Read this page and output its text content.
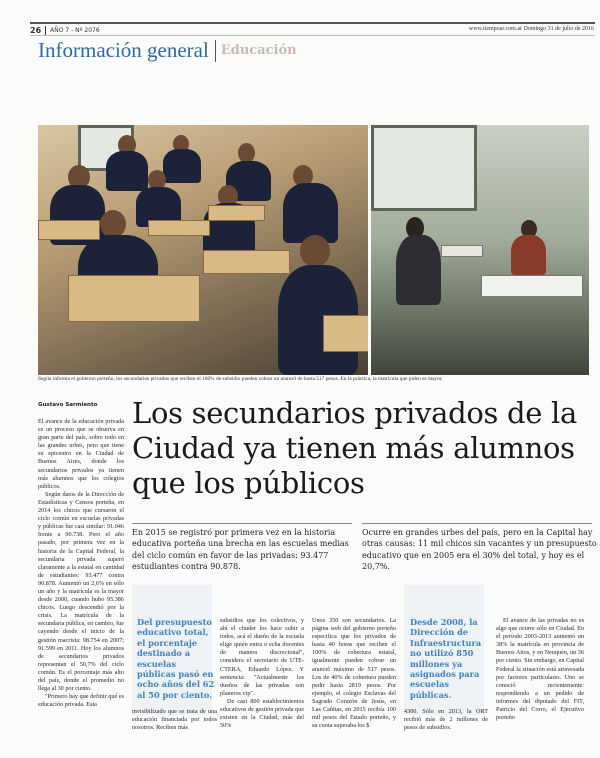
26	AÑO 7 - Nº 2076	www.tiempoar.com.ar Domingo 31 de julio de 2016
Información general Educación
Según informa el gobierno porteño, los secundarios privados que reciben el 100% de subsidio pueden cobrar un arancel de hasta 517 pesos. En la práctica, la matrícula que piden es mayor.
Gustavo Sarmiento Los secundarios privados de la Ciudad ya tienen más alumnos que los públicos

El avance de la educación privada es un proceso que se observa en gran parte del país, sobre todo en las grandes urbes, pero que tiene su epicentro en la Ciudad de Buenos Aires, donde los secundarios privados ya tienen más alumnos que los colegios públicos.

Según datos de la Dirección de Estadísticas y Censos porteña, en 2014 los chicos que cursaron el ciclo común en escuelas privadas y públicas fue casi similar: 91.046 frente a 90.738. Pero el año pasado, por primera vez en la historia de la Capital Federal, la secundaria privada superó claramente a la estatal en cantidad de estudiantes: 93.477 contra 90.878. Aumentó un 2,6% en sólo un año y la matrícula es la mayor desde 2000, cuando hubo 95.386 chicos. Luego descendió por la crisis. La matrícula de la secundaria pública, en cambio, fue cayendo desde el inicio de la gestión macrista: 98.754 en 2007; 91.599 en 2011. Hoy los alumnos de secundarios privados representan el 50,7% del ciclo común. Es el porcentaje más alto del país, donde el promedio no llega al 30 por ciento.

"Primero hay que definir qué es educación privada. Esta

En 2015 se registró por primera vez en la historia educativa porteña una brecha en las escuelas medias del ciclo común en favor de las privadas: 93.477 estudiantes contra 90.878.
Ocurre en grandes urbes del país, pero en la Capital hay otras causas: 11 mil chicos sin vacantes y un presupuesto educativo que en 2005 era el 30% del total, y hoy es el 20,7%.
Del presupuesto educativo total, el porcentaje destinado a escuelas públicas pasó en ocho años del 62 al 50 por ciento.

invisibilizado que se trata de una educación financiada por todos nosotros. Reciben más

subsidios que los colectivos, y ahí el chuder los hace subir a todos, acá el dueño de la escuela elige quién entra o echa docentes de manera discrecional", considera el secretario de UTE-CTERA, Eduardo López. Y sentencia: "Actualmente los dueños de las privadas son planeros vip".

De casi 800 establecimientos educativos de gestión privada que existen en la Ciudad, más del 50%

Unos 350 son secundarios. La página web del gobierno porteño especifica que los privados de hasta 40 horas que reciben el 100% de cobertura estatal, igualmente pueden cobrar un arancel máximo de 517 pesos. Los de 40% de cobertura pueden pedir hasta 2819 pesos. Por ejemplo, el colegio Esclavas del Sagrado Corazón de Jesús, en Las Cañitas, en 2015 recibía 100 mil pesos del Estado porteño, y su cuota superaba los $

Desde 2008, la Dirección de Infraestructura no utilizó 850 millones ya asignados para escuelas públicas.

4300. Sólo en 2013, la ORT recibió más de 2 millones de pesos de subsidios.

El avance de las privadas no es algo que ocurre sólo en Ciudad. En el período 2003-2013 aumentó un 38% la matrícula en provincia de Buenos Aires, y en Neuquén, un 36 por ciento. Sin embargo, en Capital Federal la situación está atravesada por factores particulares. Uno se conoció recientemente: respondiendo a un pedido de informes del diputado del FIT, Patricio del Corro, el Ejecutivo porteño
